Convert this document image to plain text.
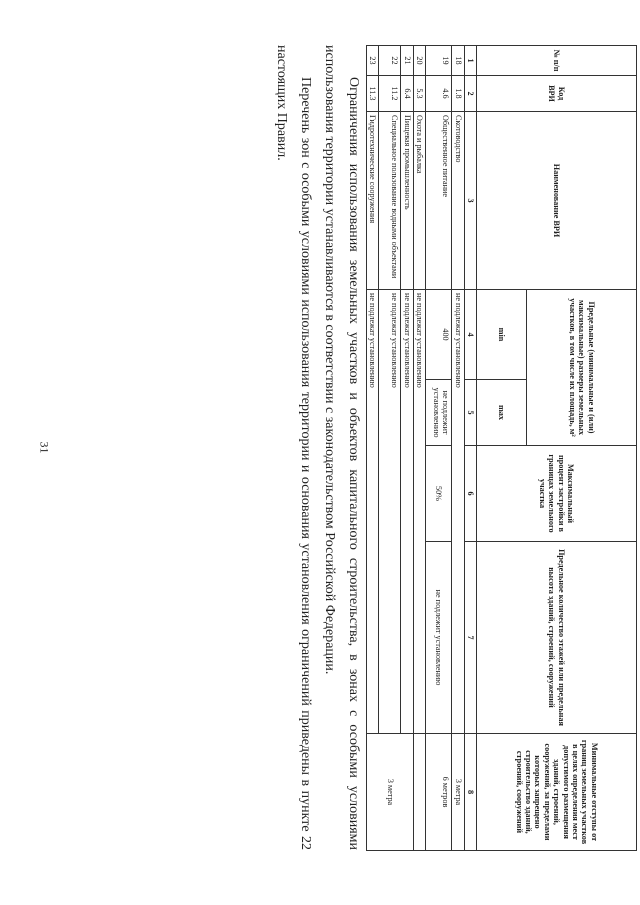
31
№ п/п	Код ВРИ	Наименование ВРИ	Предельные (минимальные и (или) максимальные) размеры земельных участков, в том числе их площадь, м²		Максимальный процент застройки в границах земельного участка	Предельное количество этажей или предельная высота зданий, строений, сооружений	Минимальные отступы от границ земельных участков в целях определения мест допустимого размещения зданий, строений, сооружений, за пределами которых запрещено строительство зданий, строений, сооружений
			min	max			
1	2	3	4	5	6	7	8
18	1.8	Скотоводство	не подлежат установлению				3 метра
19	4.6	Общественное питание	400	не подлежит установлению	50%	не подлежит установлению	6 метров
20	5.3	Охота и рыбалка	не подлежат установлению				
21	6.4	Пищевая промышленность	не подлежат установлению				3 метра
22	11.2	Специальное пользование водными объектами	не подлежат установлению				
23	11.3	Гидротехнические сооружения	не подлежат установлению				

Ограничения использования земельных участков и объектов капитального строительства, в зонах с особыми условиями использования территории устанавливаются в соответствии с законодательством Российской Федерации.

Перечень зон с особыми условиями использования территории и основания установления ограничений приведены в пункте 22 настоящих Правил.
